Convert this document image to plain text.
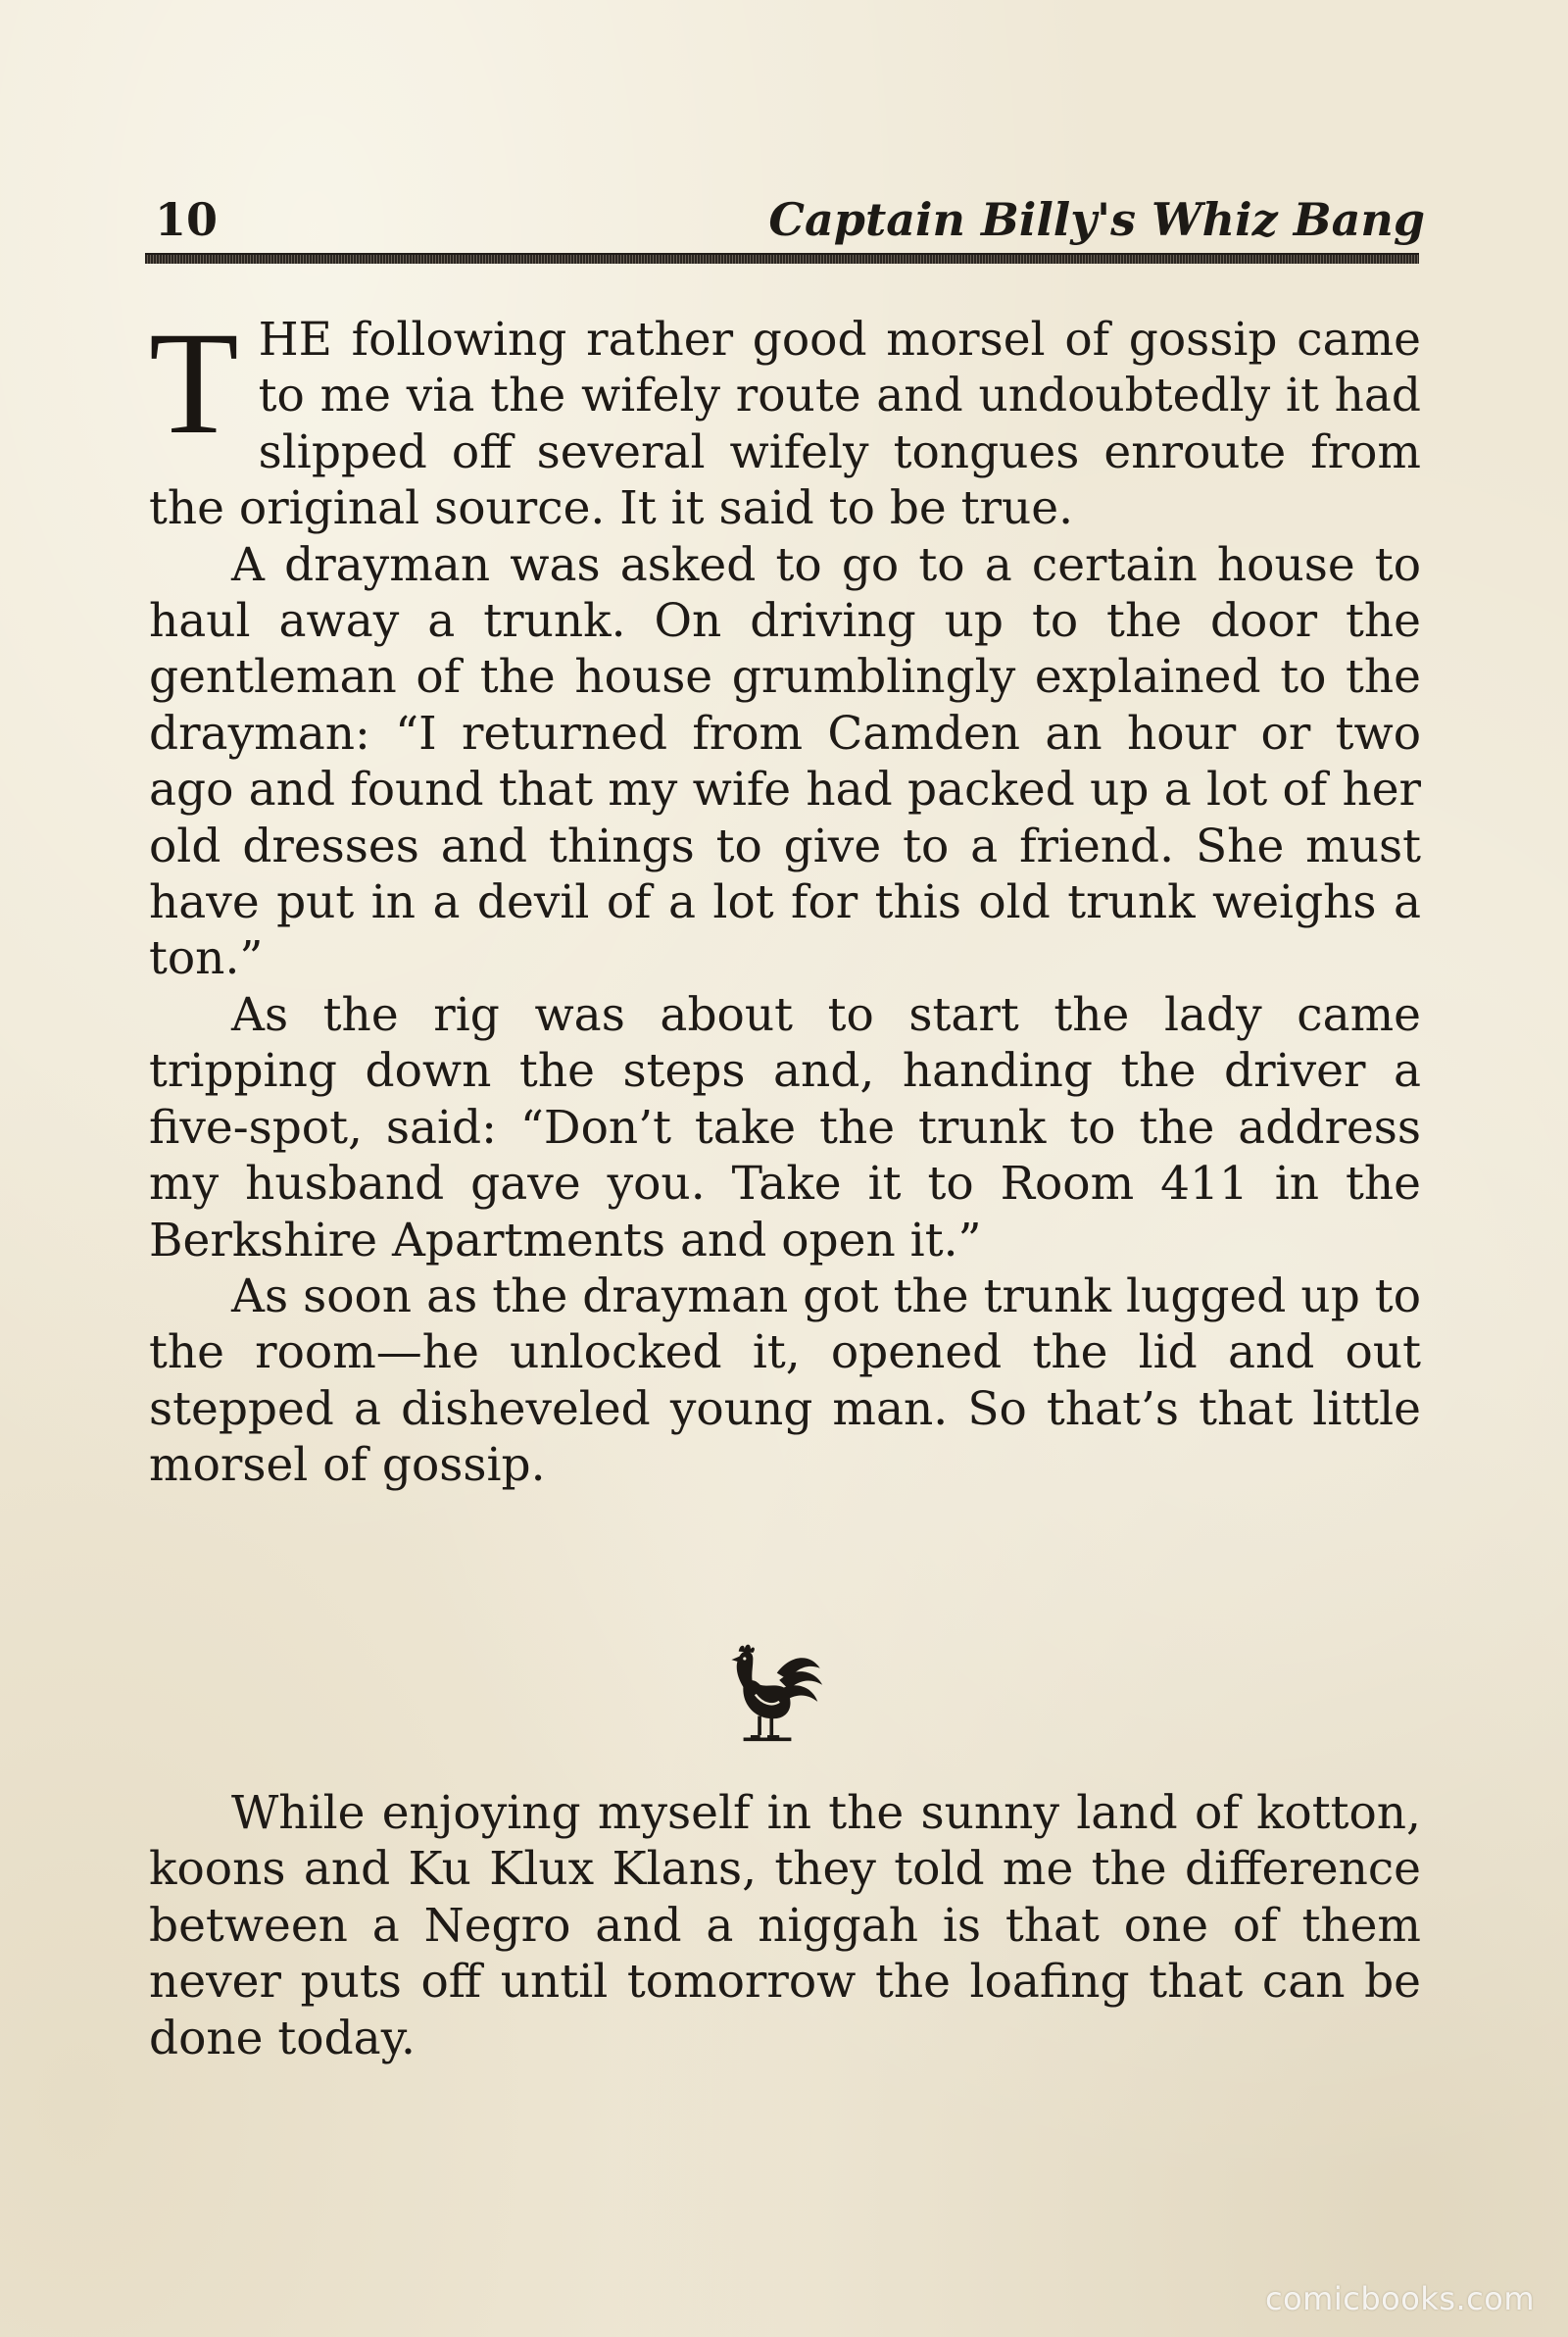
10	Captain Billy's Whiz Bang

THE following rather good morsel of gossip came to me via the wifely route and undoubtedly it had slipped off several wifely tongues enroute from the original source. It it said to be true.

A drayman was asked to go to a certain house to haul away a trunk. On driving up to the door the gentleman of the house grumblingly explained to the drayman: “I returned from Camden an hour or two ago and found that my wife had packed up a lot of her old dresses and things to give to a friend. She must have put in a devil of a lot for this old trunk weighs a ton.”

As the rig was about to start the lady came tripping down the steps and, handing the driver a five-spot, said: “Don’t take the trunk to the address my husband gave you. Take it to Room 411 in the Berkshire Apartments and open it.”

As soon as the drayman got the trunk lugged up to the room—he unlocked it, opened the lid and out stepped a disheveled young man. So that’s that little morsel of gossip.

While enjoying myself in the sunny land of kotton, koons and Ku Klux Klans, they told me the difference between a Negro and a niggah is that one of them never puts off until tomorrow the loafing that can be done today.

comicbooks.com
